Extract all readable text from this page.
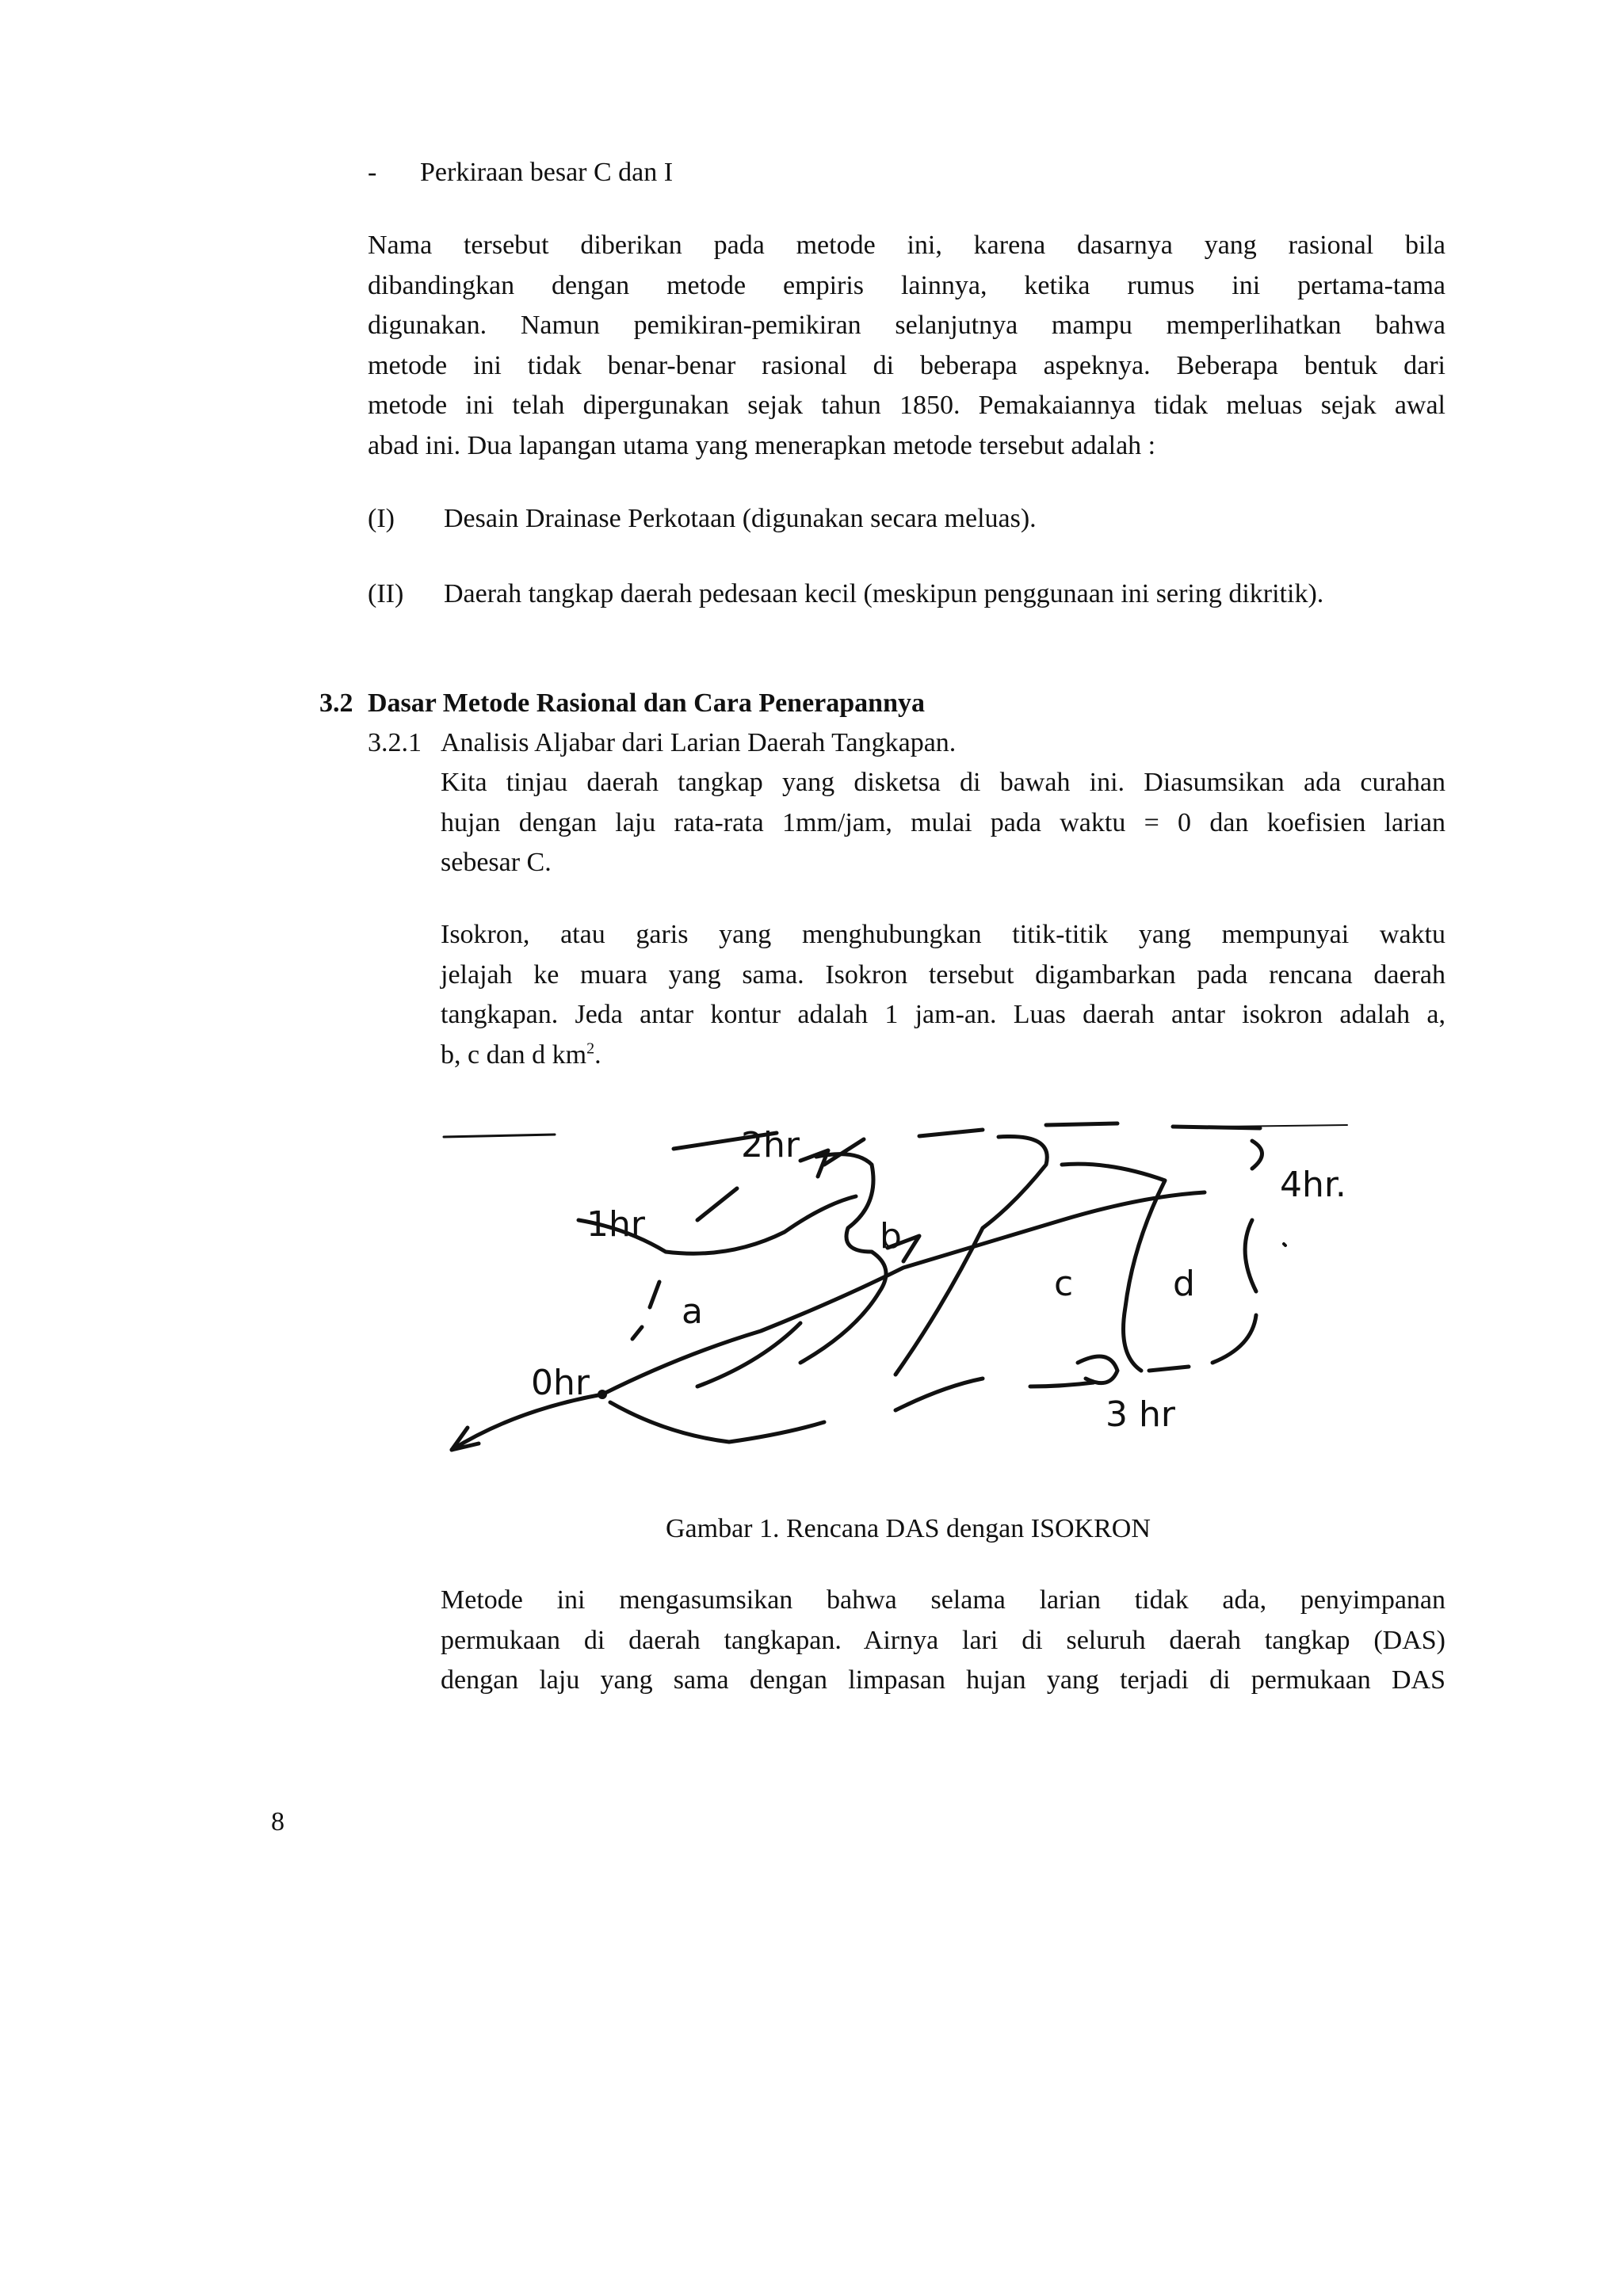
- Perkiraan besar C dan I
Nama tersebut diberikan pada metode ini, karena dasarnya yang rasional bila
dibandingkan dengan metode empiris lainnya, ketika rumus ini pertama-tama
digunakan. Namun pemikiran-pemikiran selanjutnya mampu memperlihatkan bahwa
metode ini tidak benar-benar rasional di beberapa aspeknya. Beberapa bentuk dari
metode ini telah dipergunakan sejak tahun 1850. Pemakaiannya tidak meluas sejak awal
abad ini. Dua lapangan utama yang menerapkan metode tersebut adalah :
(I) Desain Drainase Perkotaan (digunakan secara meluas).
(II) Daerah tangkap daerah pedesaan kecil (meskipun penggunaan ini sering dikritik).
3.2 Dasar Metode Rasional dan Cara Penerapannya
3.2.1 Analisis Aljabar dari Larian Daerah Tangkapan.
Kita tinjau daerah tangkap yang disketsa di bawah ini. Diasumsikan ada curahan
hujan dengan laju rata-rata 1mm/jam, mulai pada waktu = 0 dan koefisien larian
sebesar C.
Isokron, atau garis yang menghubungkan titik-titik yang mempunyai waktu
jelajah ke muara yang sama. Isokron tersebut digambarkan pada rencana daerah
tangkapan. Jeda antar kontur adalah 1 jam-an. Luas daerah antar isokron adalah a,
b, c dan d $km^2$.
2hr
1hr
0hr
3 hr
4hr.
a
b
c	d
Gambar 1. Rencana DAS dengan ISOKRON
Metode ini mengasumsikan bahwa selama larian tidak ada, penyimpanan
permukaan di daerah tangkapan. Airnya lari di seluruh daerah tangkap (DAS)
dengan laju yang sama dengan limpasan hujan yang terjadi di permukaan DAS
8
